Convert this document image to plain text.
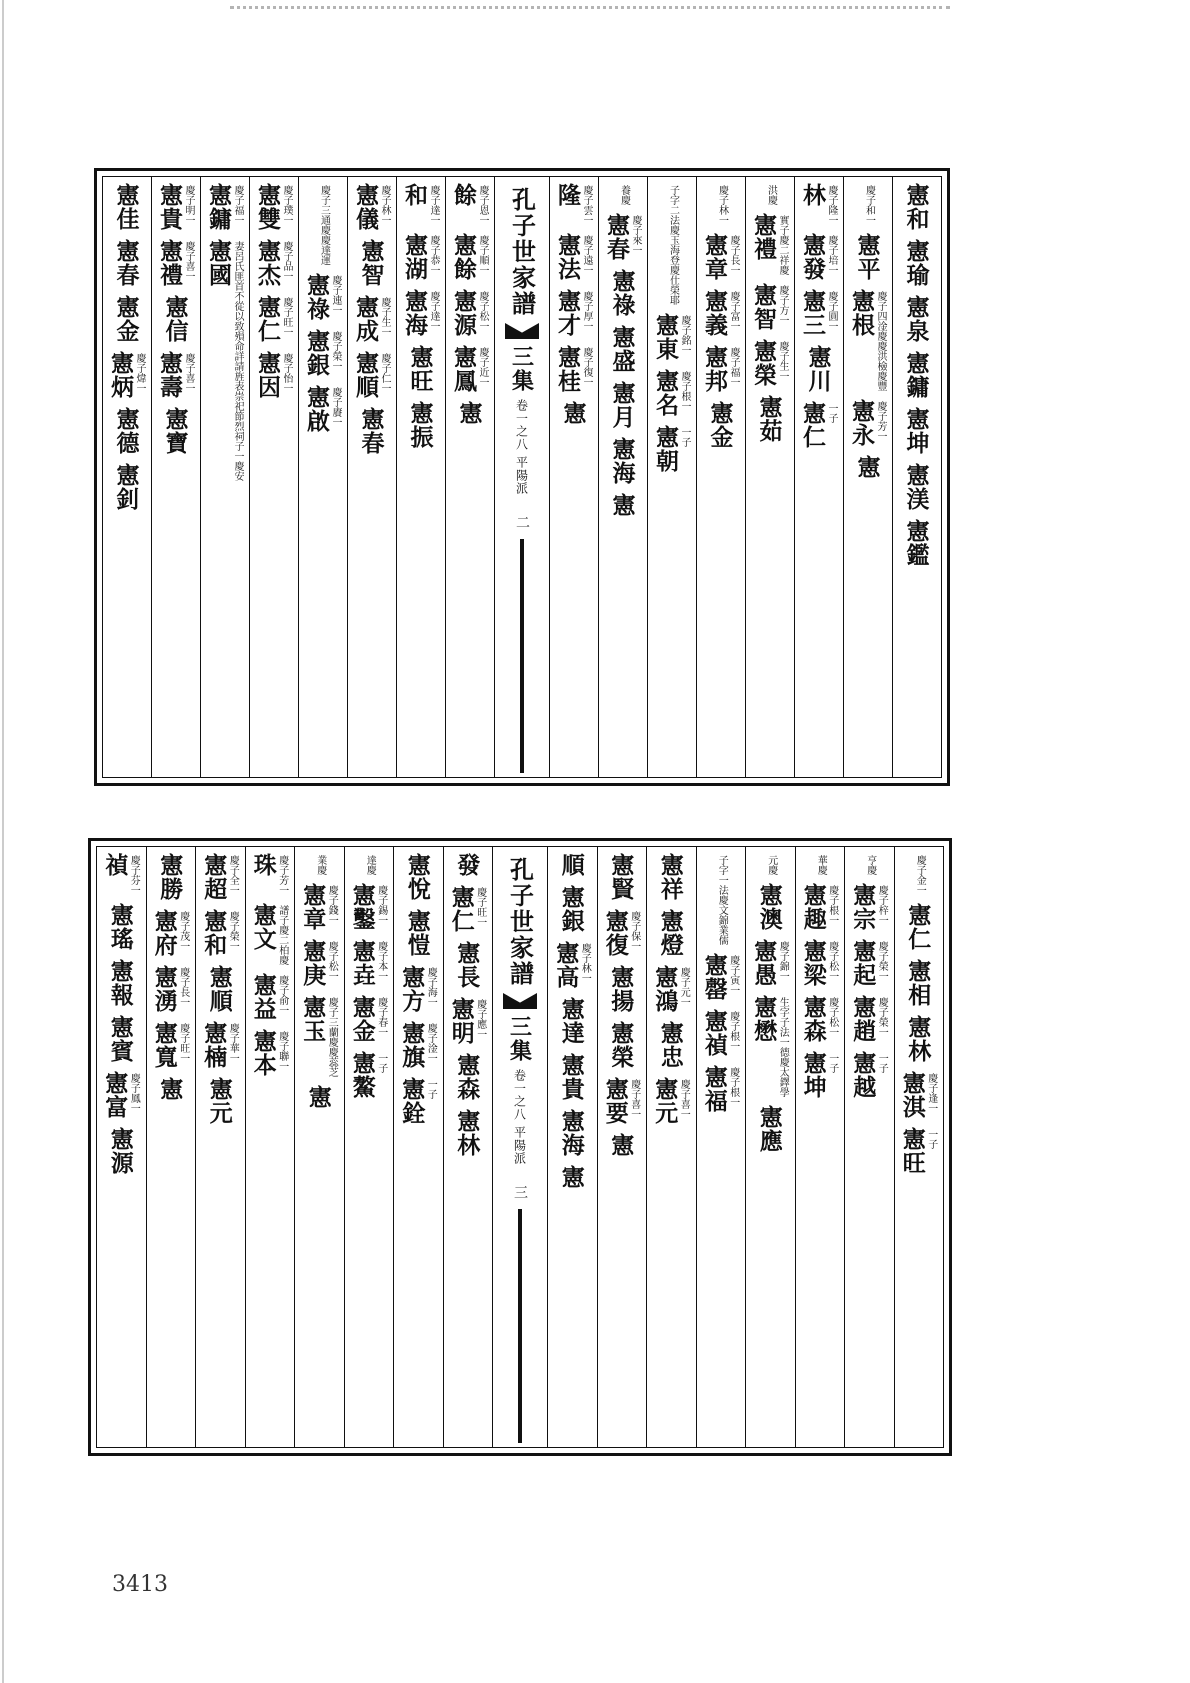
憲和
憲瑜
憲泉
憲鏞
憲坤
憲渼
憲鑑
慶子和一
憲平
憲根 慶子四淦慶慶洪檢慶豐
憲永 慶子芳一
憲
林 慶子隆一
憲發 慶子培一
憲三 慶子圓一
憲川
憲仁 一子
洪慶
憲禮 實子慶二祥慶
憲智 慶子方一
憲榮 慶子生一
憲茹
慶子林一
憲章 慶子長一
憲義 慶子富一
憲邦 慶子福一
憲金
子字二法慶玉海登慶仕榮耶
憲東 慶子銘一
憲名 慶子根一
憲朝 一子
養慶
憲春 慶子來一
憲祿
憲盛
憲月
憲海
憲
隆 慶子雲一
憲法 慶子遠一
憲才 慶子厚一
憲桂 慶子復一
憲
孔子世家譜
三集
卷一之八 平陽派
二
餘 慶子恩一
憲餘 慶子順一
憲源 慶子松一
憲鳳 慶子近一
憲
和 慶子達一
憲湖 慶子恭一
憲海 慶子達一
憲旺
憲振
憲儀 慶子林一
憲智
憲成 慶子生一
憲順 慶子仁一
憲春
慶子三通慶慶達運
憲祿 慶子連一
憲銀 慶子榮一
憲啟 慶子賡一
憲雙 慶子璞一
憲杰 慶子品一
憲仁 慶子旺一
憲因 慶子怡一
憲鏞 慶子福一
憲國 妻呂氏匪首不從以致殞命詳請旌表崇祀節烈祠子一慶安
憲貴 慶子明一
憲禮 慶子喜一
憲信
憲壽 慶子喜一
憲寶
憲佳
憲春
憲金
憲炳 慶子煒一
憲德
憲釗
慶子金一
憲仁
憲相
憲林
憲淇 慶子逢一
憲旺 一子
亨慶
憲宗 慶子梓一
憲起 慶子榮一
憲趙 慶子榮一
憲越 一子
華慶
憲趣 慶子根一
憲梁 慶子松一
憲森 慶子松一
憲坤 一子
元慶
憲澳
憲愚 慶子錦一
憲懋 生字子法一德慶太鐸學
憲應
子字一法慶文錦業儒
憲罄 慶子寅一
憲禎 慶子根一
憲福 慶子根一
憲祥
憲燈
憲鴻 慶子元一
憲忠
憲元 慶子喜一
憲賢
憲復 慶子保一
憲揚
憲榮
憲要 慶子喜一
憲
順
憲銀
憲高 慶子林一
憲達
憲貴
憲海
憲
孔子世家譜
三集
卷一之八 平陽派
三
發
憲仁 慶子旺一
憲長
憲明 慶子應一
憲森
憲林
憲悅
憲愷
憲方 慶子海一
憲旗 慶子淦一
憲銓 一子
達慶
憲鑿 慶子錫一
憲垚 慶子本一
憲金 慶子春一
憲鰲 一子
業慶
憲章 慶子錢一
憲庚 慶子松一
憲玉 慶子三蘭慶慶蕊芝
憲
珠 慶子芳一
憲文 譜子慶二柏慶
憲益 慶子俞一
憲本 慶子聯一
憲超 慶子全一
憲和 慶子榮一
憲順
憲楠 慶子華一
憲元
憲勝
憲府 慶子茂一
憲湧 慶子長一
憲寬 慶子旺一
憲
禎 慶子芬一
憲瑤
憲報
憲賓
憲富 慶子鳳一
憲源
3413
